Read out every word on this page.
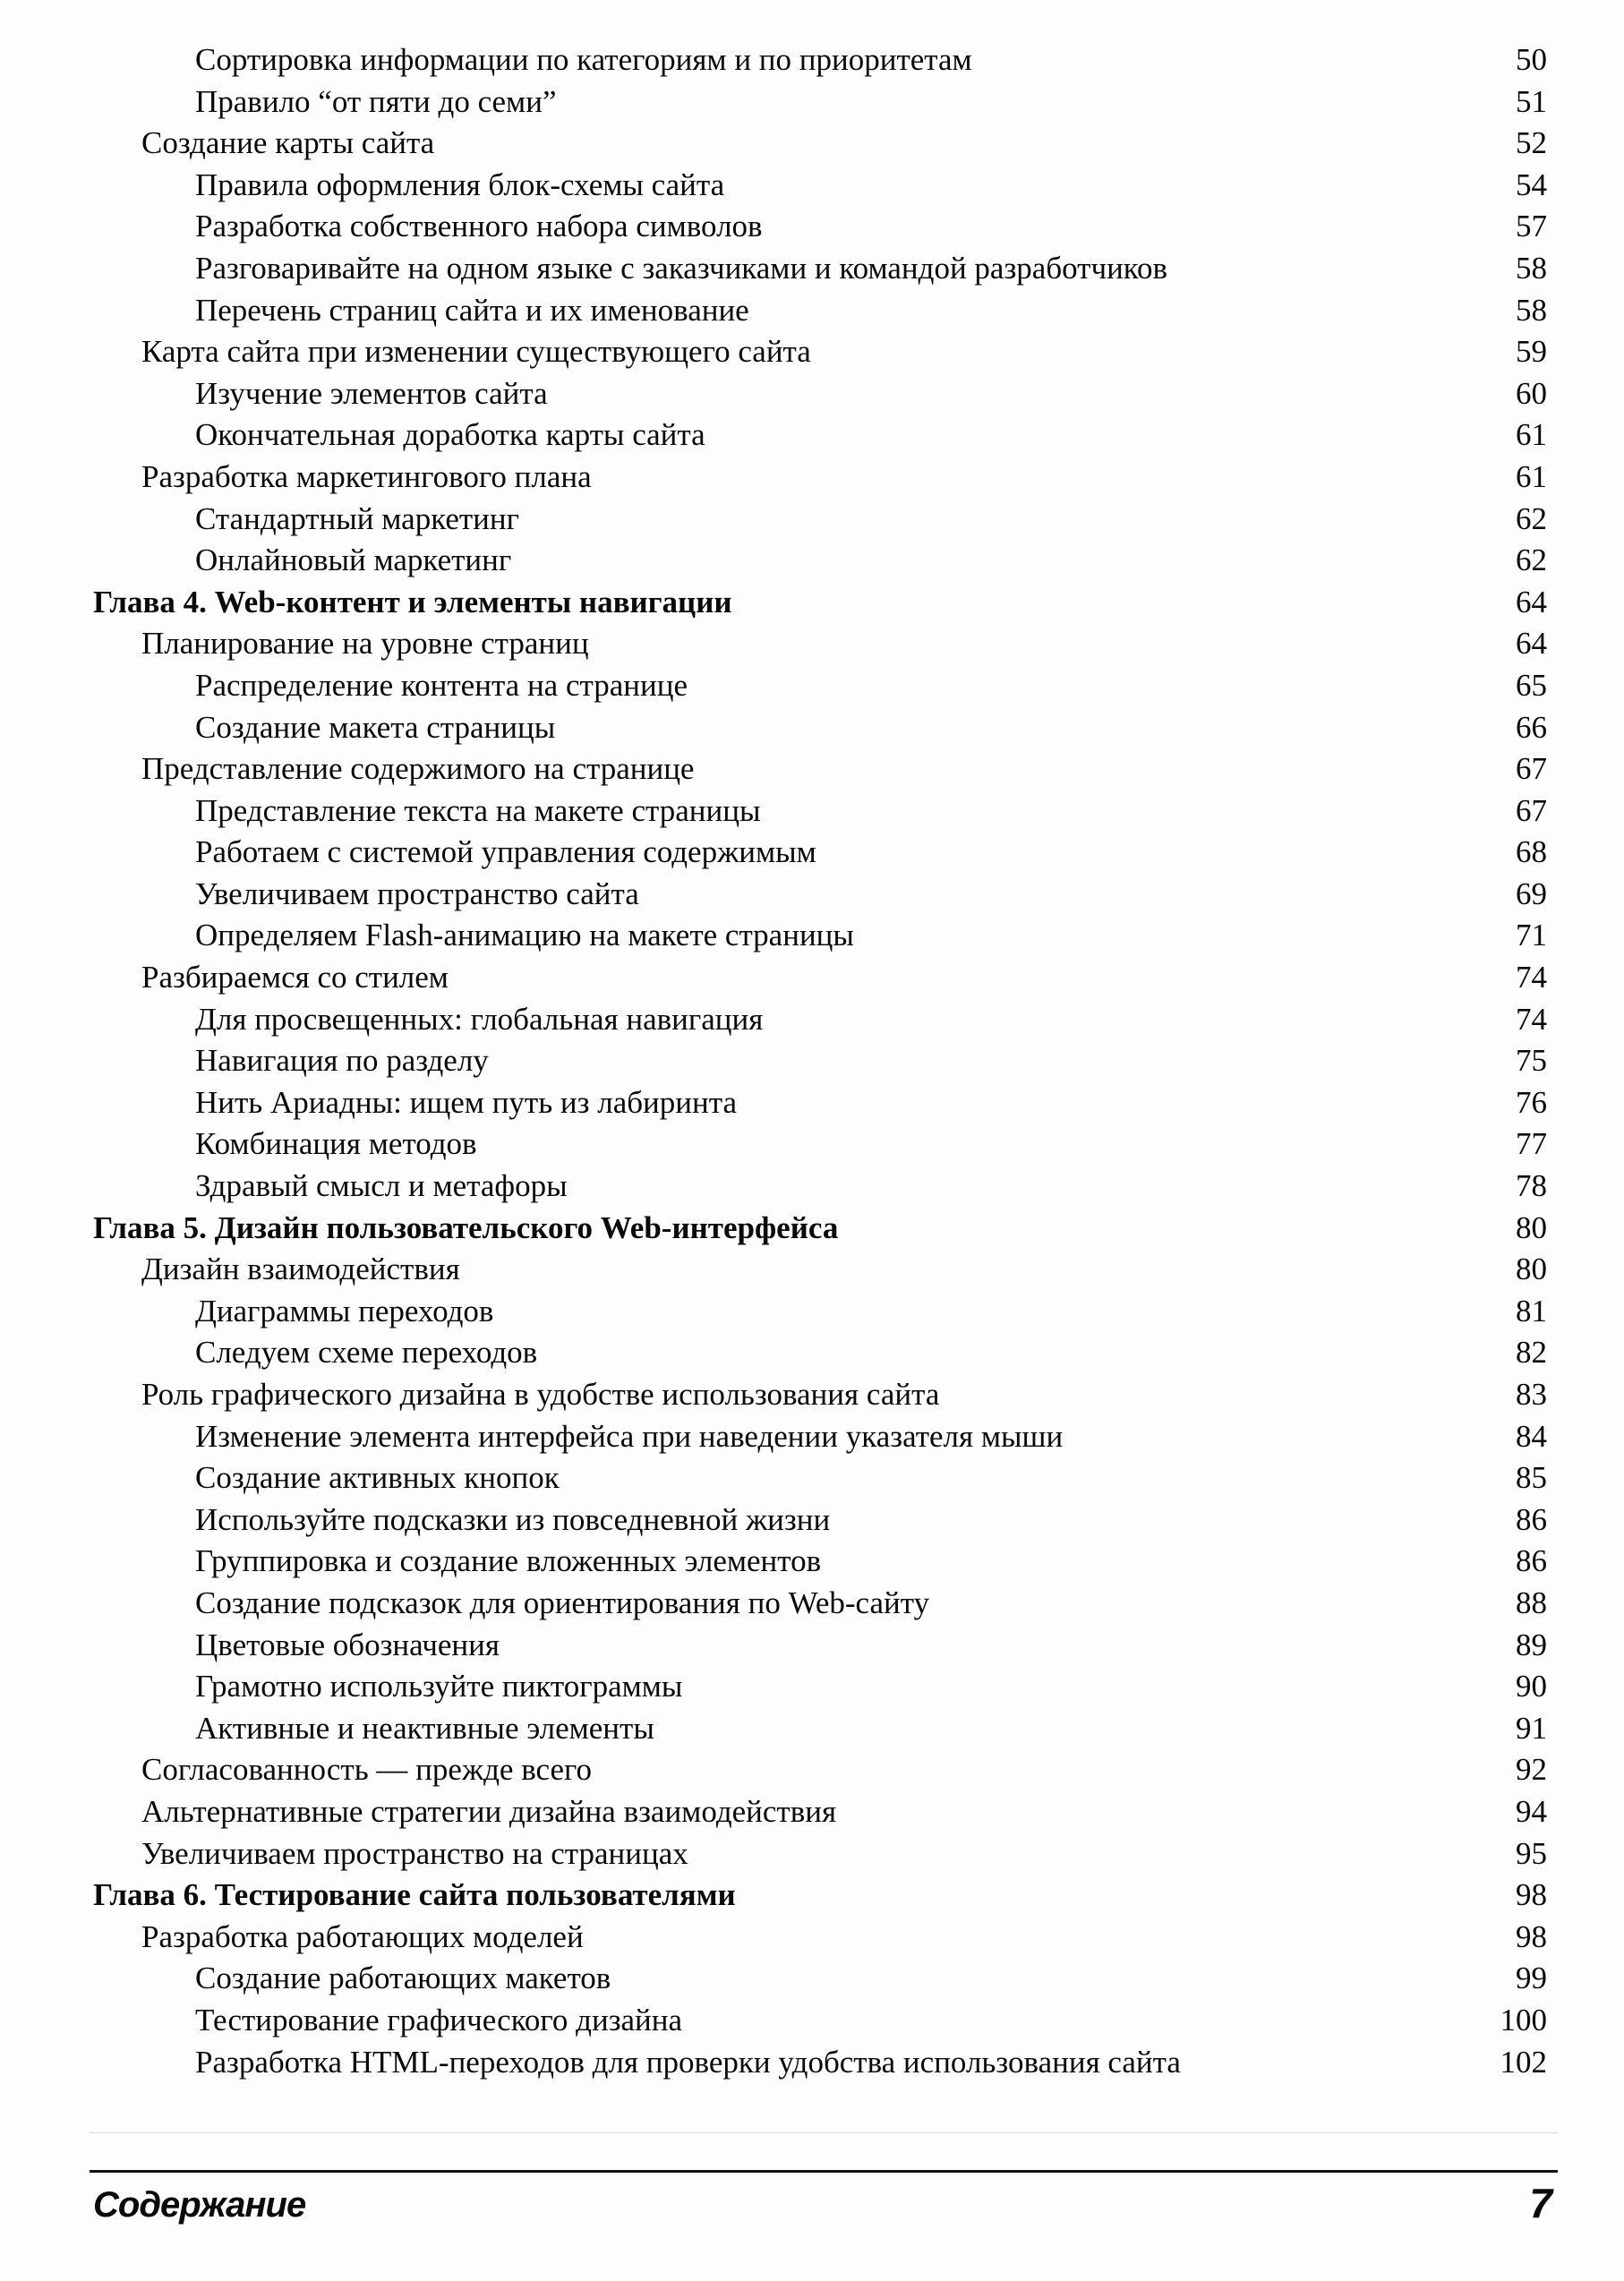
Сортировка информации по категориям и по приоритетам	50
Правило “от пяти до семи”	51
Создание карты сайта	52
Правила оформления блок-схемы сайта	54
Разработка собственного набора символов	57
Разговаривайте на одном языке с заказчиками и командой разработчиков	58
Перечень страниц сайта и их именование	58
Карта сайта при изменении существующего сайта	59
Изучение элементов сайта	60
Окончательная доработка карты сайта	61
Разработка маркетингового плана	61
Стандартный маркетинг	62
Онлайновый маркетинг	62
Глава 4. Web-контент и элементы навигации	64
Планирование на уровне страниц	64
Распределение контента на странице	65
Создание макета страницы	66
Представление содержимого на странице	67
Представление текста на макете страницы	67
Работаем с системой управления содержимым	68
Увеличиваем пространство сайта	69
Определяем Flash-анимацию на макете страницы	71
Разбираемся со стилем	74
Для просвещенных: глобальная навигация	74
Навигация по разделу	75
Нить Ариадны: ищем путь из лабиринта	76
Комбинация методов	77
Здравый смысл и метафоры	78
Глава 5. Дизайн пользовательского Web-интерфейса	80
Дизайн взаимодействия	80
Диаграммы переходов	81
Следуем схеме переходов	82
Роль графического дизайна в удобстве использования сайта	83
Изменение элемента интерфейса при наведении указателя мыши	84
Создание активных кнопок	85
Используйте подсказки из повседневной жизни	86
Группировка и создание вложенных элементов	86
Создание подсказок для ориентирования по Web-сайту	88
Цветовые обозначения	89
Грамотно используйте пиктограммы	90
Активные и неактивные элементы	91
Согласованность — прежде всего	92
Альтернативные стратегии дизайна взаимодействия	94
Увеличиваем пространство на страницах	95
Глава 6. Тестирование сайта пользователями	98
Разработка работающих моделей	98
Создание работающих макетов	99
Тестирование графического дизайна	100
Разработка HTML-переходов для проверки удобства использования сайта	102
Содержание	7
